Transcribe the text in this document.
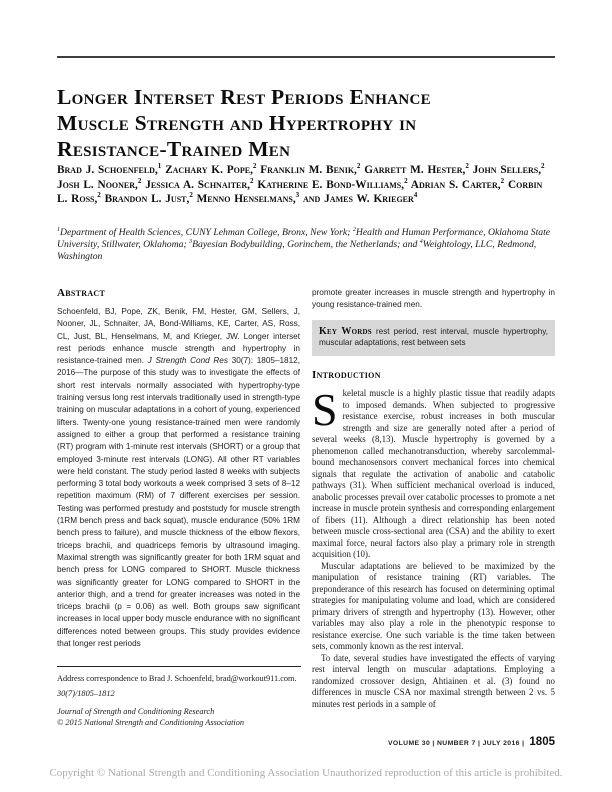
Longer Interset Rest Periods Enhance
Muscle Strength and Hypertrophy in
Resistance-Trained Men
Brad J. Schoenfeld,$^1$ Zachary K. Pope,$^2$ Franklin M. Benik,$^2$ Garrett M. Hester,$^2$ John Sellers,$^2$ Josh L. Nooner,$^2$ Jessica A. Schnaiter,$^2$ Katherine E. Bond-Williams,$^2$ Adrian S. Carter,$^2$ Corbin L. Ross,$^2$ Brandon L. Just,$^2$ Menno Henselmans,$^3$ and James W. Krieger$^4$
$^1$Department of Health Sciences, CUNY Lehman College, Bronx, New York; $^2$Health and Human Performance, Oklahoma State University, Stillwater, Oklahoma; $^3$Bayesian Bodybuilding, Gorinchem, the Netherlands; and $^4$Weightology, LLC, Redmond, Washington
Abstract

Schoenfeld, BJ, Pope, ZK, Benik, FM, Hester, GM, Sellers, J, Nooner, JL, Schnaiter, JA, Bond-Williams, KE, Carter, AS, Ross, CL, Just, BL, Henselmans, M, and Krieger, JW. Longer interset rest periods enhance muscle strength and hypertrophy in resistance-trained men. J Strength Cond Res 30(7): 1805–1812, 2016—The purpose of this study was to investigate the effects of short rest intervals normally associated with hypertrophy-type training versus long rest intervals traditionally used in strength-type training on muscular adaptations in a cohort of young, experienced lifters. Twenty-one young resistance-trained men were randomly assigned to either a group that performed a resistance training (RT) program with 1-minute rest intervals (SHORT) or a group that employed 3-minute rest intervals (LONG). All other RT variables were held constant. The study period lasted 8 weeks with subjects performing 3 total body workouts a week comprised 3 sets of 8–12 repetition maximum (RM) of 7 different exercises per session. Testing was performed prestudy and poststudy for muscle strength (1RM bench press and back squat), muscle endurance (50% 1RM bench press to failure), and muscle thickness of the elbow flexors, triceps brachii, and quadriceps femoris by ultrasound imaging. Maximal strength was significantly greater for both 1RM squat and bench press for LONG compared to SHORT. Muscle thickness was significantly greater for LONG compared to SHORT in the anterior thigh, and a trend for greater increases was noted in the triceps brachii (p = 0.06) as well. Both groups saw significant increases in local upper body muscle endurance with no significant differences noted between groups. This study provides evidence that longer rest periods

promote greater increases in muscle strength and hypertrophy in young resistance-trained men.

Key Words rest period, rest interval, muscle hypertrophy, muscular adaptations, rest between sets
Introduction

Skeletal muscle is a highly plastic tissue that readily adapts to imposed demands. When subjected to progressive resistance exercise, robust increases in both muscular strength and size are generally noted after a period of several weeks (8,13). Muscle hypertrophy is governed by a phenomenon called mechanotransduction, whereby sarcolemmal-bound mechanosensors convert mechanical forces into chemical signals that regulate the activation of anabolic and catabolic pathways (31). When sufficient mechanical overload is induced, anabolic processes prevail over catabolic processes to promote a net increase in muscle protein synthesis and corresponding enlargement of fibers (11). Although a direct relationship has been noted between muscle cross-sectional area (CSA) and the ability to exert maximal force, neural factors also play a primary role in strength acquisition (10).

Muscular adaptations are believed to be maximized by the manipulation of resistance training (RT) variables. The preponderance of this research has focused on determining optimal strategies for manipulating volume and load, which are considered primary drivers of strength and hypertrophy (13). However, other variables may also play a role in the phenotypic response to resistance exercise. One such variable is the time taken between sets, commonly known as the rest interval.

To date, several studies have investigated the effects of varying rest interval length on muscular adaptations. Employing a randomized crossover design, Ahtiainen et al. (3) found no differences in muscle CSA nor maximal strength between 2 vs. 5 minutes rest periods in a sample of

Address correspondence to Brad J. Schoenfeld, brad@workout911.com.

30(7)/1805–1812

Journal of Strength and Conditioning Research

© 2015 National Strength and Conditioning Association

VOLUME 30 | NUMBER 7 | JULY 2016 | 1805
Copyright © National Strength and Conditioning Association Unauthorized reproduction of this article is prohibited.
